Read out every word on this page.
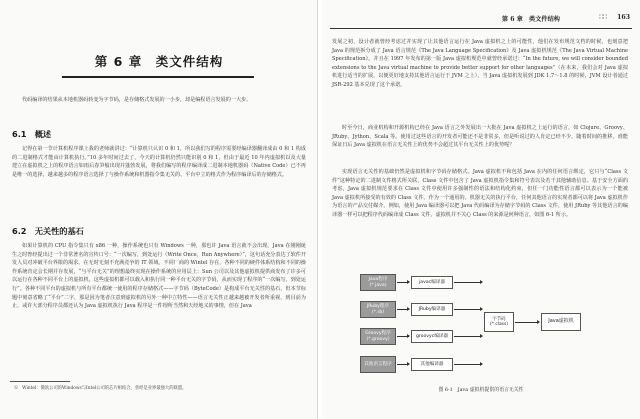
第 6 章　类文件结构
代码编译的结果从本地机器码转变为字节码，是存储格式发展的一小步，却是编程语言发展的一大步。
6.1　概述
记得在第一节计算机程序课上我的老师就讲过：“计算机只认识 0 和 1，所以我们写的程序需要经编译器翻译成由 0 和 1 构成的二进制格式才能由计算机执行。”10 多年时间过去了，今天的计算机仍然只能识别 0 和 1，但由于最近 10 年内虚拟机以及大量建立在虚拟机之上的程序语言如雨后春笋般出现并蓬勃发展，将我们编写的程序编译成二进制本地机器码（Native Code）已不再是唯一的选择，越来越多的程序语言选择了与操作系统和机器指令集无关的、平台中立的格式作为程序编译后的存储格式。
6.2　无关性的基石
如果计算机的 CPU 指令集只有 x86 一种，操作系统也只有 Windows 一种，那也许 Java 语言就不会出现。Java 在刚刚诞生之时曾经提出过一个非常著名的宣传口号：“一次编写，到处运行（Write Once，Run Anywhere）”，这句话充分表达了软件开发人员对冲破平台界限的渴求。在无时无刻不充满竞争的 IT 领域，不同厂商的 Wintel 存在，各种不同的硬件体系结构和不同的操作系统肯定会长期并存发展，“与平台无关”的理想最终实现在操作系统的应用层上：Sun 公司以及其他虚拟机提供商发布了许多可以运行在各种不同平台上的虚拟机，这些虚拟机都可以载入和执行同一种平台无关的字节码，从而实现了程序的“一次编写，到处运行”。各种不同平台的虚拟机与所有平台都统一使用的程序存储格式——字节码（ByteCode）是构成平台无关性的基石，但本节标题中刻意省略了“平台”二字，那是因为笔者注意到虚拟机的另外一种中立特性——语言无关性正越来越被开发者所重视，到目前为止，或许大部分程序员都还认为 Java 虚拟机执行 Java 程序是一件理所当然和天经地义的事情，但在 Java
①　Wintel：微软公司的Windows与Intel公司的芯片相结合，曾经是业界最强大的联盟。
第 6 章　类文件结构	∷∷ 163
发展之初，设计者就曾经考虑过并实现了让其他语言运行在 Java 虚拟机之上的可能性，他们在发布规范文档的时候，也刻意把 Java 的规范拆分成了 Java 语言规范《The Java Language Specification》及 Java 虚拟机规范《The Java Virtual Machine Specification》。并且在 1997 年发布的第一版 Java 虚拟机规范中就曾经承诺过：“In the future, we will consider bounded extensions to the Java virtual machine to provide better support for other languages”（在未来，我们会对 Java 虚拟机进行适当的扩展，以便更好地支持其他语言运行于 JVM 之上），当 Java 虚拟机发展到 JDK 1.7～1.8 的时候，JVM 设计者通过 JSR-292 基本兑现了这个承诺。
时至今日，商业机构和开源机构已经在 Java 语言之外发展出一大批在 Java 虚拟机之上运行的语言，如 Clojure、Groovy、JRuby、Jython、Scala 等。使用过这些语言的开发者可能还不是非常多，但是听说过的人肯定已经不少，随着时间的推移，谁能保证日后 Java 虚拟机在语言无关性上的优势不会超过其平台无关性上的优势呢？
实现语言无关性的基础仍然是虚拟机和字节码存储格式。Java 虚拟机不和包括 Java 在内的任何语言绑定，它只与“Class 文件”这种特定的二进制文件格式所关联，Class 文件中包含了 Java 虚拟机指令集和符号表以及若干其他辅助信息。基于安全方面的考虑，Java 虚拟机规范要求在 Class 文件中使用许多强制性的语法和结构化约束，但任一门功能性语言都可以表示为一个能被 Java 虚拟机所接受的有效的 Class 文件。作为一个通用的、机器无关的执行平台，任何其他语言的实现者都可以将 Java 虚拟机作为语言的产品交付媒介。例如，使用 Java 编译器可以把 Java 代码编译为存储字节码的 Class 文件，使用 JRuby 等其他语言的编译器一样可以把程序代码编译成 Class 文件，虚拟机并不关心 Class 的来源是何种语言，如图 6-1 所示。
Java程序
(*.java)
JRuby程序
(*.rb)
Groovy程序
(*.groovy)
其他语言程序
javac编译器
JRuby编译器
groovyc编译器
其他编译器
字节码
(*.class)
Java虚拟机
图 6-1　Java 虚拟机提供的语言无关性
